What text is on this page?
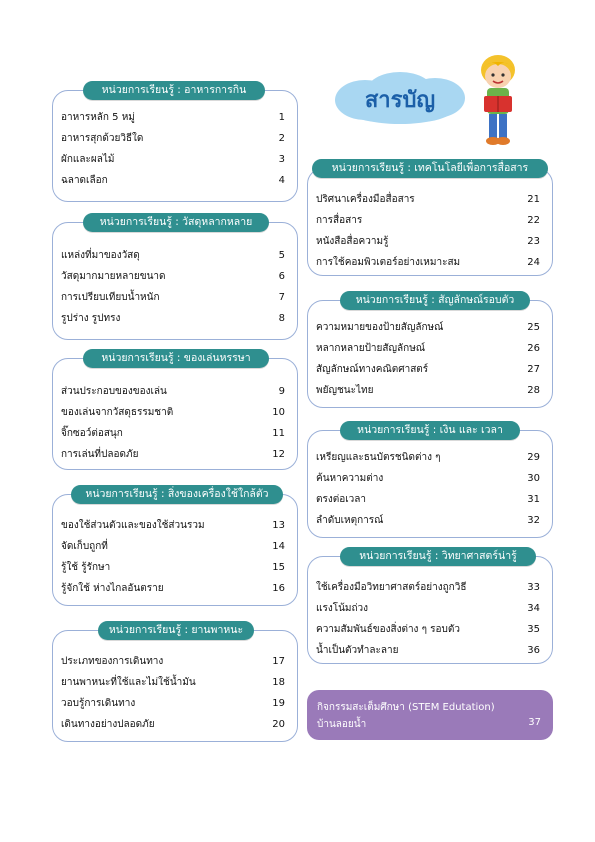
สารบัญ
หน่วยการเรียนรู้ : อาหารการกิน
อาหารหลัก 5 หมู่	1
อาหารสุกด้วยวิธีใด	2
ผักและผลไม้	3
ฉลาดเลือก	4
หน่วยการเรียนรู้ : วัสดุหลากหลาย
แหล่งที่มาของวัสดุ	5
วัสดุมากมายหลายขนาด	6
การเปรียบเทียบน้ำหนัก	7
รูปร่าง รูปทรง	8
หน่วยการเรียนรู้ : ของเล่นหรรษา
ส่วนประกอบของของเล่น	9
ของเล่นจากวัสดุธรรมชาติ	10
จิ๊กซอว์ต่อสนุก	11
การเล่นที่ปลอดภัย	12
หน่วยการเรียนรู้ : สิ่งของเครื่องใช้ใกล้ตัว
ของใช้ส่วนตัวและของใช้ส่วนรวม	13
จัดเก็บถูกที่	14
รู้ใช้ รู้รักษา	15
รู้จักใช้ ห่างไกลอันตราย	16
หน่วยการเรียนรู้ : ยานพาหนะ
ประเภทของการเดินทาง	17
ยานพาหนะที่ใช้และไม่ใช้น้ำมัน	18
วอบรู้การเดินทาง	19
เดินทางอย่างปลอดภัย	20
หน่วยการเรียนรู้ : เทคโนโลยีเพื่อการสื่อสาร
ปริศนาเครื่องมือสื่อสาร	21
การสื่อสาร	22
หนังสือสื่อความรู้	23
การใช้คอมพิวเตอร์อย่างเหมาะสม	24
หน่วยการเรียนรู้ : สัญลักษณ์รอบตัว
ความหมายของป้ายสัญลักษณ์	25
หลากหลายป้ายสัญลักษณ์	26
สัญลักษณ์ทางคณิตศาสตร์	27
พยัญชนะไทย	28
หน่วยการเรียนรู้ : เงิน และ เวลา
เหรียญและธนบัตรชนิดต่าง ๆ	29
ค้นหาความต่าง	30
ตรงต่อเวลา	31
ลำดับเหตุการณ์	32
หน่วยการเรียนรู้ : วิทยาศาสตร์น่ารู้
ใช้เครื่องมือวิทยาศาสตร์อย่างถูกวิธี	33
แรงโน้มถ่วง	34
ความสัมพันธ์ของสิ่งต่าง ๆ รอบตัว	35
น้ำเป็นตัวทำละลาย	36
กิจกรรมสะเต็มศึกษา (STEM Edutation)
บ้านลอยน้ำ	37
